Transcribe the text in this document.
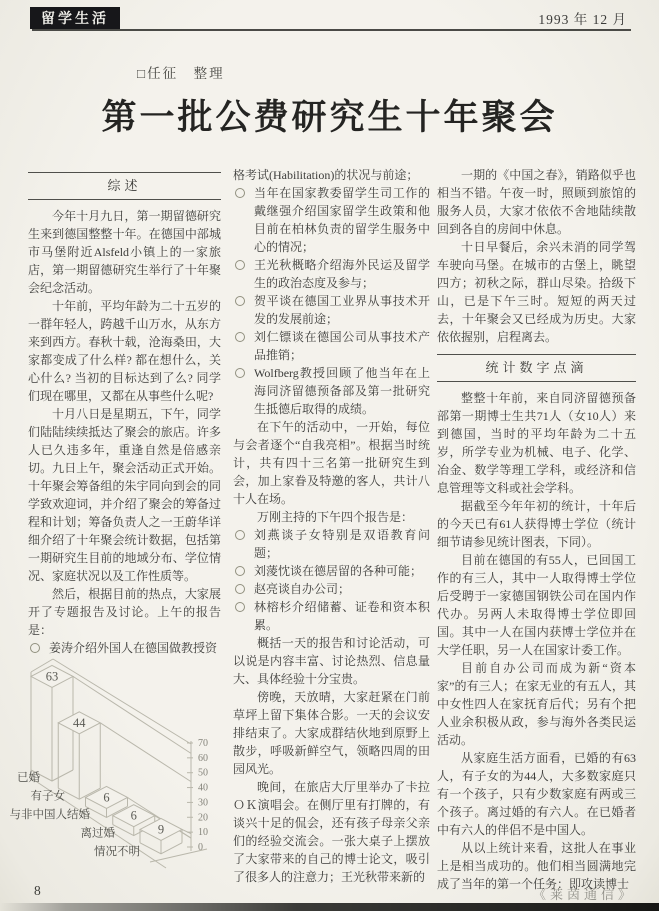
留学生活	1993 年 12 月
□任征　整理
第一批公费研究生十年聚会
综述

今年十月九日，第一期留德研究生来到德国整整十年。在德国中部城市马堡附近Alsfeld小镇上的一家旅店，第一期留德研究生举行了十年聚会纪念活动。

十年前，平均年龄为二十五岁的一群年轻人，跨越千山万水，从东方来到西方。春秋十载，沧海桑田，大家都变成了什么样? 都在想什么，关心什么? 当初的目标达到了么? 同学们现在哪里，又都在从事些什么呢?

十月八日是星期五，下午，同学们陆陆续续抵达了聚会的旅店。许多人已久违多年，重逢自然是倍感亲切。九日上午，聚会活动正式开始。十年聚会筹备组的朱宇同向到会的同学致欢迎词，并介绍了聚会的筹备过程和计划；筹备负责人之一王蔚华详细介绍了十年聚会统计数据，包括第一期研究生目前的地域分布、学位情况、家庭状况以及工作性质等。

然后，根据目前的热点，大家展开了专题报告及讨论。上午的报告是：

姜涛介绍外国人在德国做教授资

格考试(Habilitation)的状况与前途；

当年在国家教委留学生司工作的戴继强介绍国家留学生政策和他目前在柏林负责的留学生服务中心的情况；

王光秋概略介绍海外民运及留学生的政治态度及参与；

贺平谈在德国工业界从事技术开发的发展前途；

刘仁镖谈在德国公司从事技术产品推销；

Wolfberg教授回顾了他当年在上海同济留德预备部及第一批研究生抵德后取得的成绩。

在下午的活动中，一开始，每位与会者逐个“自我亮相”。根据当时统计，共有四十三名第一批研究生到会，加上家眷及特邀的客人，共计八十人在场。

万刚主持的下午四个报告是：

刘燕谈子女特别是双语教育问题；

刘蔆忱谈在德居留的各种可能；

赵亮谈自办公司；

林榕杉介绍储蓄、证卷和资本积累。

概括一天的报告和讨论活动，可以说是内容丰富、讨论热烈、信息量大、具体经验十分宝贵。

傍晚，天放晴，大家赶紧在门前草坪上留下集体合影。一天的会议安排结束了。大家成群结伙地到原野上散步，呼吸新鲜空气，领略四周的田园风光。

晚间，在旅店大厅里举办了卡拉ＯＫ演唱会。在侧厅里有打牌的，有谈兴十足的侃会，还有孩子母亲父亲们的经验交流会。一张大桌子上摆放了大家带来的自己的博士论文，吸引了很多人的注意力；王光秋带来新的

一期的《中国之春》，销路似乎也相当不错。午夜一时，照顾到旅馆的服务人员，大家才依依不舍地陆续散回到各自的房间中休息。

十日早餐后，余兴未消的同学驾车驶向马堡。在城市的古堡上，眺望四方；初秋之际，群山尽染。拾级下山，已是下午三时。短短的两天过去，十年聚会又已经成为历史。大家依依握别，启程离去。

统计数字点滴

整整十年前，来自同济留德预备部第一期博士生共71人（女10人）来到德国，当时的平均年龄为二十五岁，所学专业为机械、电子、化学、冶金、数学等理工学科，或经济和信息管理等文科或社会学科。

据截至今年年初的统计，十年后的今天已有61人获得博士学位（统计细节请参见统计图表，下同）。

目前在德国的有55人，已回国工作的有三人，其中一人取得博士学位后受聘于一家德国钢铁公司在国内作代办。另两人未取得博士学位即回国。其中一人在国内获博士学位并在大学任职，另一人在国家计委工作。

目前自办公司而成为新“资本家”的有三人；在家无业的有五人，其中女性四人在家抚育后代；另有个把人业余积极从政，参与海外各类民运活动。

从家庭生活方面看，已婚的有63人，有子女的为44人，大多数家庭只有一个孩子，只有少数家庭有两或三个孩子。离过婚的有六人。在已婚者中有六人的伴侣不是中国人。

从以上统计来看，这批人在事业上是相当成功的。他们相当圆满地完成了当年的第一个任务：即攻读博士

70
60
50
40
30
20
10
0
63
已婚
44
有子女	6
与非中国人结婚	6
离过婚	9
情况不明
8	《莱茵通信》
